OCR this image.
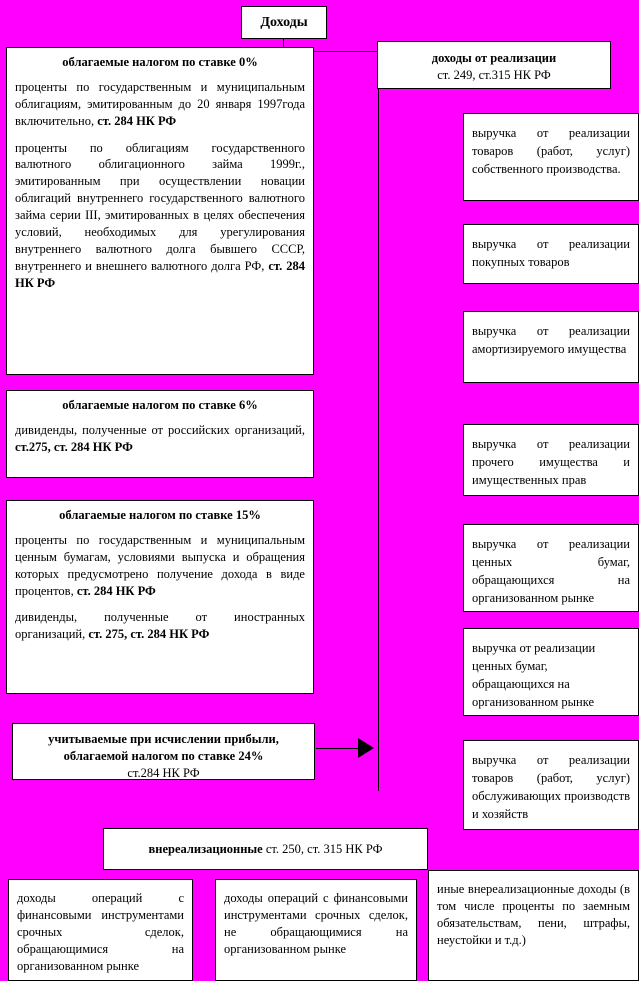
Доходы
облагаемые налогом по ставке 0%

проценты по государственным и муниципальным облигациям, эмитированным до 20 января 1997года включительно, ст. 284 НК РФ

проценты по облигациям государственного валютного облигационного займа 1999г., эмитированным при осуществлении новации облигаций внутреннего государственного валютного займа серии III, эмитированных в целях обеспечения условий, необходимых для урегулирования внутреннего валютного долга бывшего СССР, внутреннего и внешнего валютного долга РФ, ст. 284 НК РФ

облагаемые налогом по ставке 6%

дивиденды, полученные от российских организаций, ст.275, ст. 284 НК РФ

облагаемые налогом по ставке 15%

проценты по государственным и муниципальным ценным бумагам, условиями выпуска и обращения которых предусмотрено получение дохода в виде процентов, ст. 284 НК РФ

дивиденды, полученные от иностранных организаций, ст. 275, ст. 284 НК РФ

учитываемые при исчислении прибыли,
облагаемой налогом по ставке 24%
ст.284 НК РФ
доходы от реализации
ст. 249, ст.315 НК РФ
выручка от реализации товаров (работ, услуг) собственного производства.
выручка от реализации покупных товаров
выручка от реализации амортизируемого имущества
выручка от реализации прочего имущества и имущественных прав
выручка от реализации ценных бумаг, обращающихся на организованном рынке
выручка от реализации ценных бумаг, обращающихся на организованном рынке
выручка от реализации товаров (работ, услуг) обслуживающих производств и хозяйств
внереализационные ст. 250, ст. 315 НК РФ
доходы операций с финансовыми инструментами срочных сделок, обращающимися на организованном рынке
доходы операций с финансовыми инструментами срочных сделок, не обращающимися на организованном рынке
иные внереализационные доходы (в том числе проценты по заемным обязательствам, пени, штрафы, неустойки и т.д.)
